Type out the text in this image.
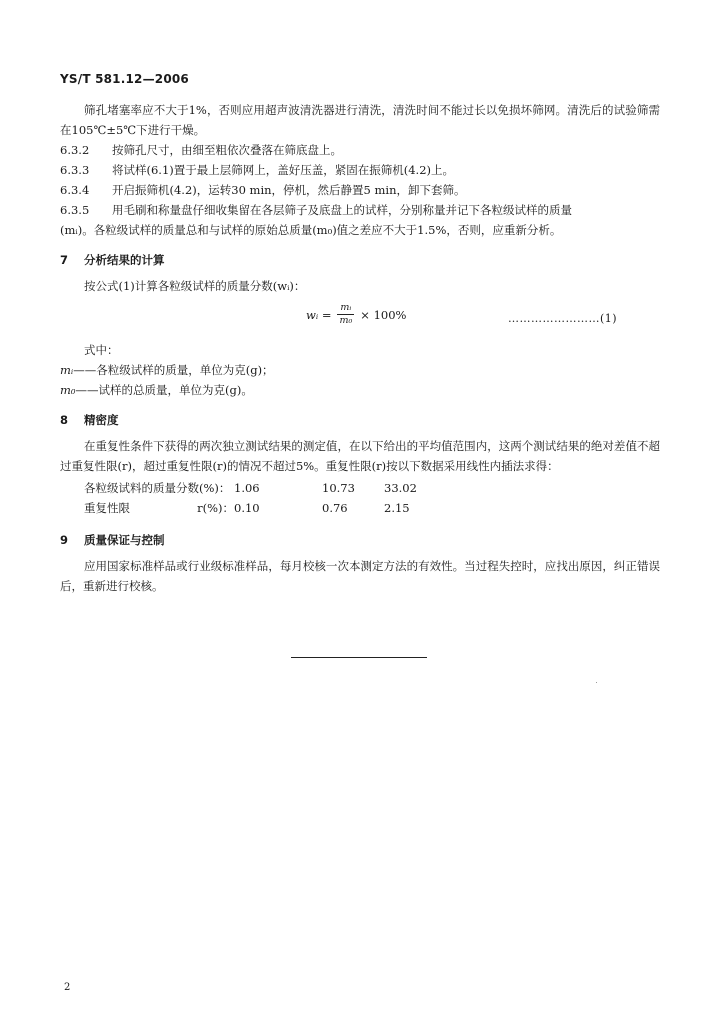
YS/T 581.12—2006

筛孔堵塞率应不大于1%，否则应用超声波清洗器进行清洗，清洗时间不能过长以免损坏筛网。清洗后的试验筛需在105℃±5℃下进行干燥。

6.3.2 按筛孔尺寸，由细至粗依次叠落在筛底盘上。

6.3.3 将试样(6.1)置于最上层筛网上，盖好压盖，紧固在振筛机(4.2)上。

6.3.4 开启振筛机(4.2)，运转30 min，停机，然后静置5 min，卸下套筛。

6.3.5 用毛刷和称量盘仔细收集留在各层筛子及底盘上的试样，分别称量并记下各粒级试样的质量

(mᵢ)。各粒级试样的质量总和与试样的原始总质量(m₀)值之差应不大于1.5%，否则，应重新分析。

7 分析结果的计算

按公式(1)计算各粒级试样的质量分数(wᵢ)：

wᵢ = $\frac{\text{mᵢ}}{\text{m₀}} \times 100\%$	……………………(1)

式中：

mᵢ——各粒级试样的质量，单位为克(g)；

m₀——试样的总质量，单位为克(g)。

8 精密度

在重复性条件下获得的两次独立测试结果的测定值，在以下给出的平均值范围内，这两个测试结果的绝对差值不超过重复性限(r)，超过重复性限(r)的情况不超过5%。重复性限(r)按以下数据采用线性内插法求得：

各粒级试料的质量分数(%)：	1.06	10.73	33.02
重复性限 r(%)：	0.10	0.76	2.15
9 质量保证与控制

应用国家标准样品或行业级标准样品，每月校核一次本测定方法的有效性。当过程失控时，应找出原因，纠正错误后，重新进行校核。

2
